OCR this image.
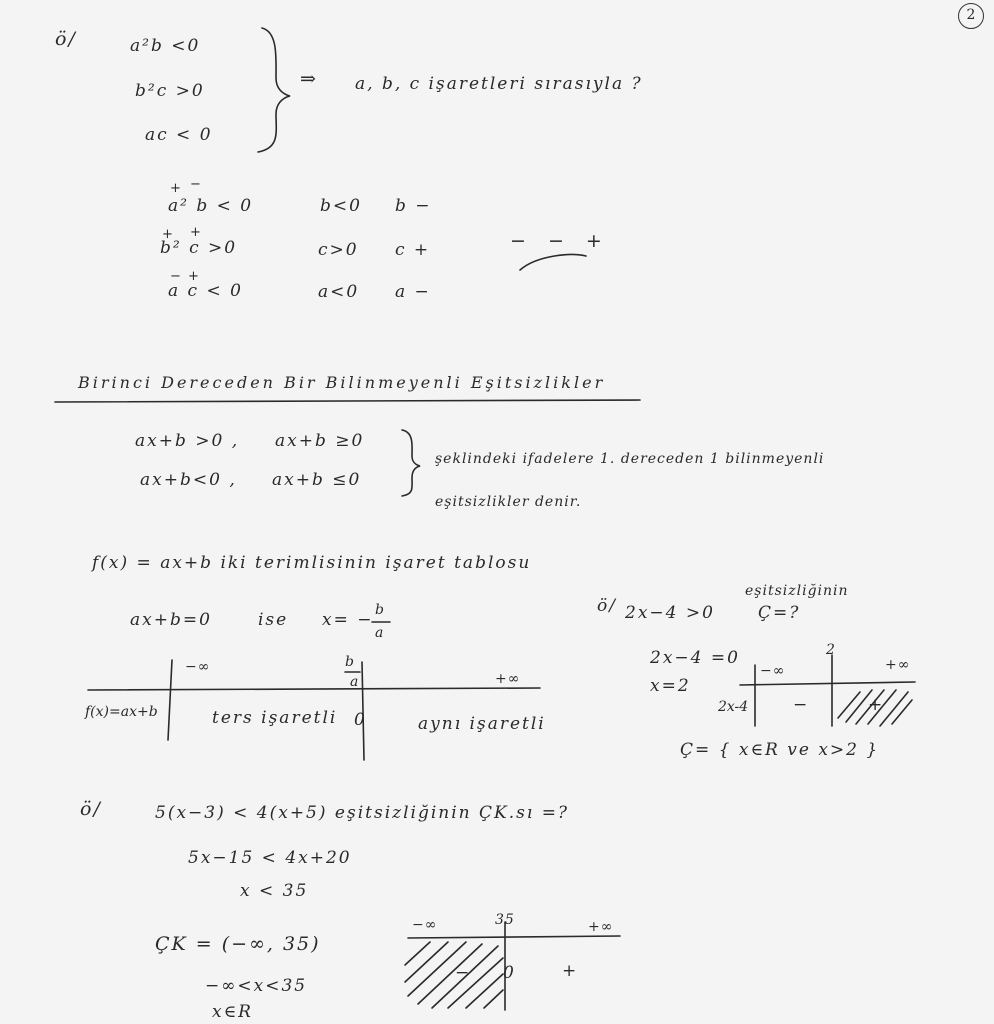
2
ö/	a²b <0
b²c >0
ac < 0
⇒ a, b, c işaretleri sırasıyla ?
+ −
a² b < 0
+ +
b² c >0
− +
a c < 0
b<0 b −
c>0 c +
a<0 a −
− − +
Birinci Dereceden Bir Bilinmeyenli Eşitsizlikler
ax+b >0 , ax+b ≥0
ax+b<0 , ax+b ≤0
şeklindeki ifadelere 1. dereceden 1 bilinmeyenli
eşitsizlikler denir.
f(x) = ax+b iki terimlisinin işaret tablosu
ax+b=0	ise x= − b
a
−∞	b
a	+∞
f(x)=ax+b	ters işaretli 0	aynı işaretli
ö/ 2x−4 >0
eşitsizliğinin
Ç=?
2x−4 =0
x=2
2
−∞	+∞
2x-4	−	+
Ç= { x∈R ve x>2 }
ö/	5(x−3) < 4(x+5) eşitsizliğinin ÇK.sı =?
5x−15 < 4x+20
x < 35
ÇK = (−∞, 35)
−∞<x<35
x∈R
−∞	35	+∞
− 0	+
